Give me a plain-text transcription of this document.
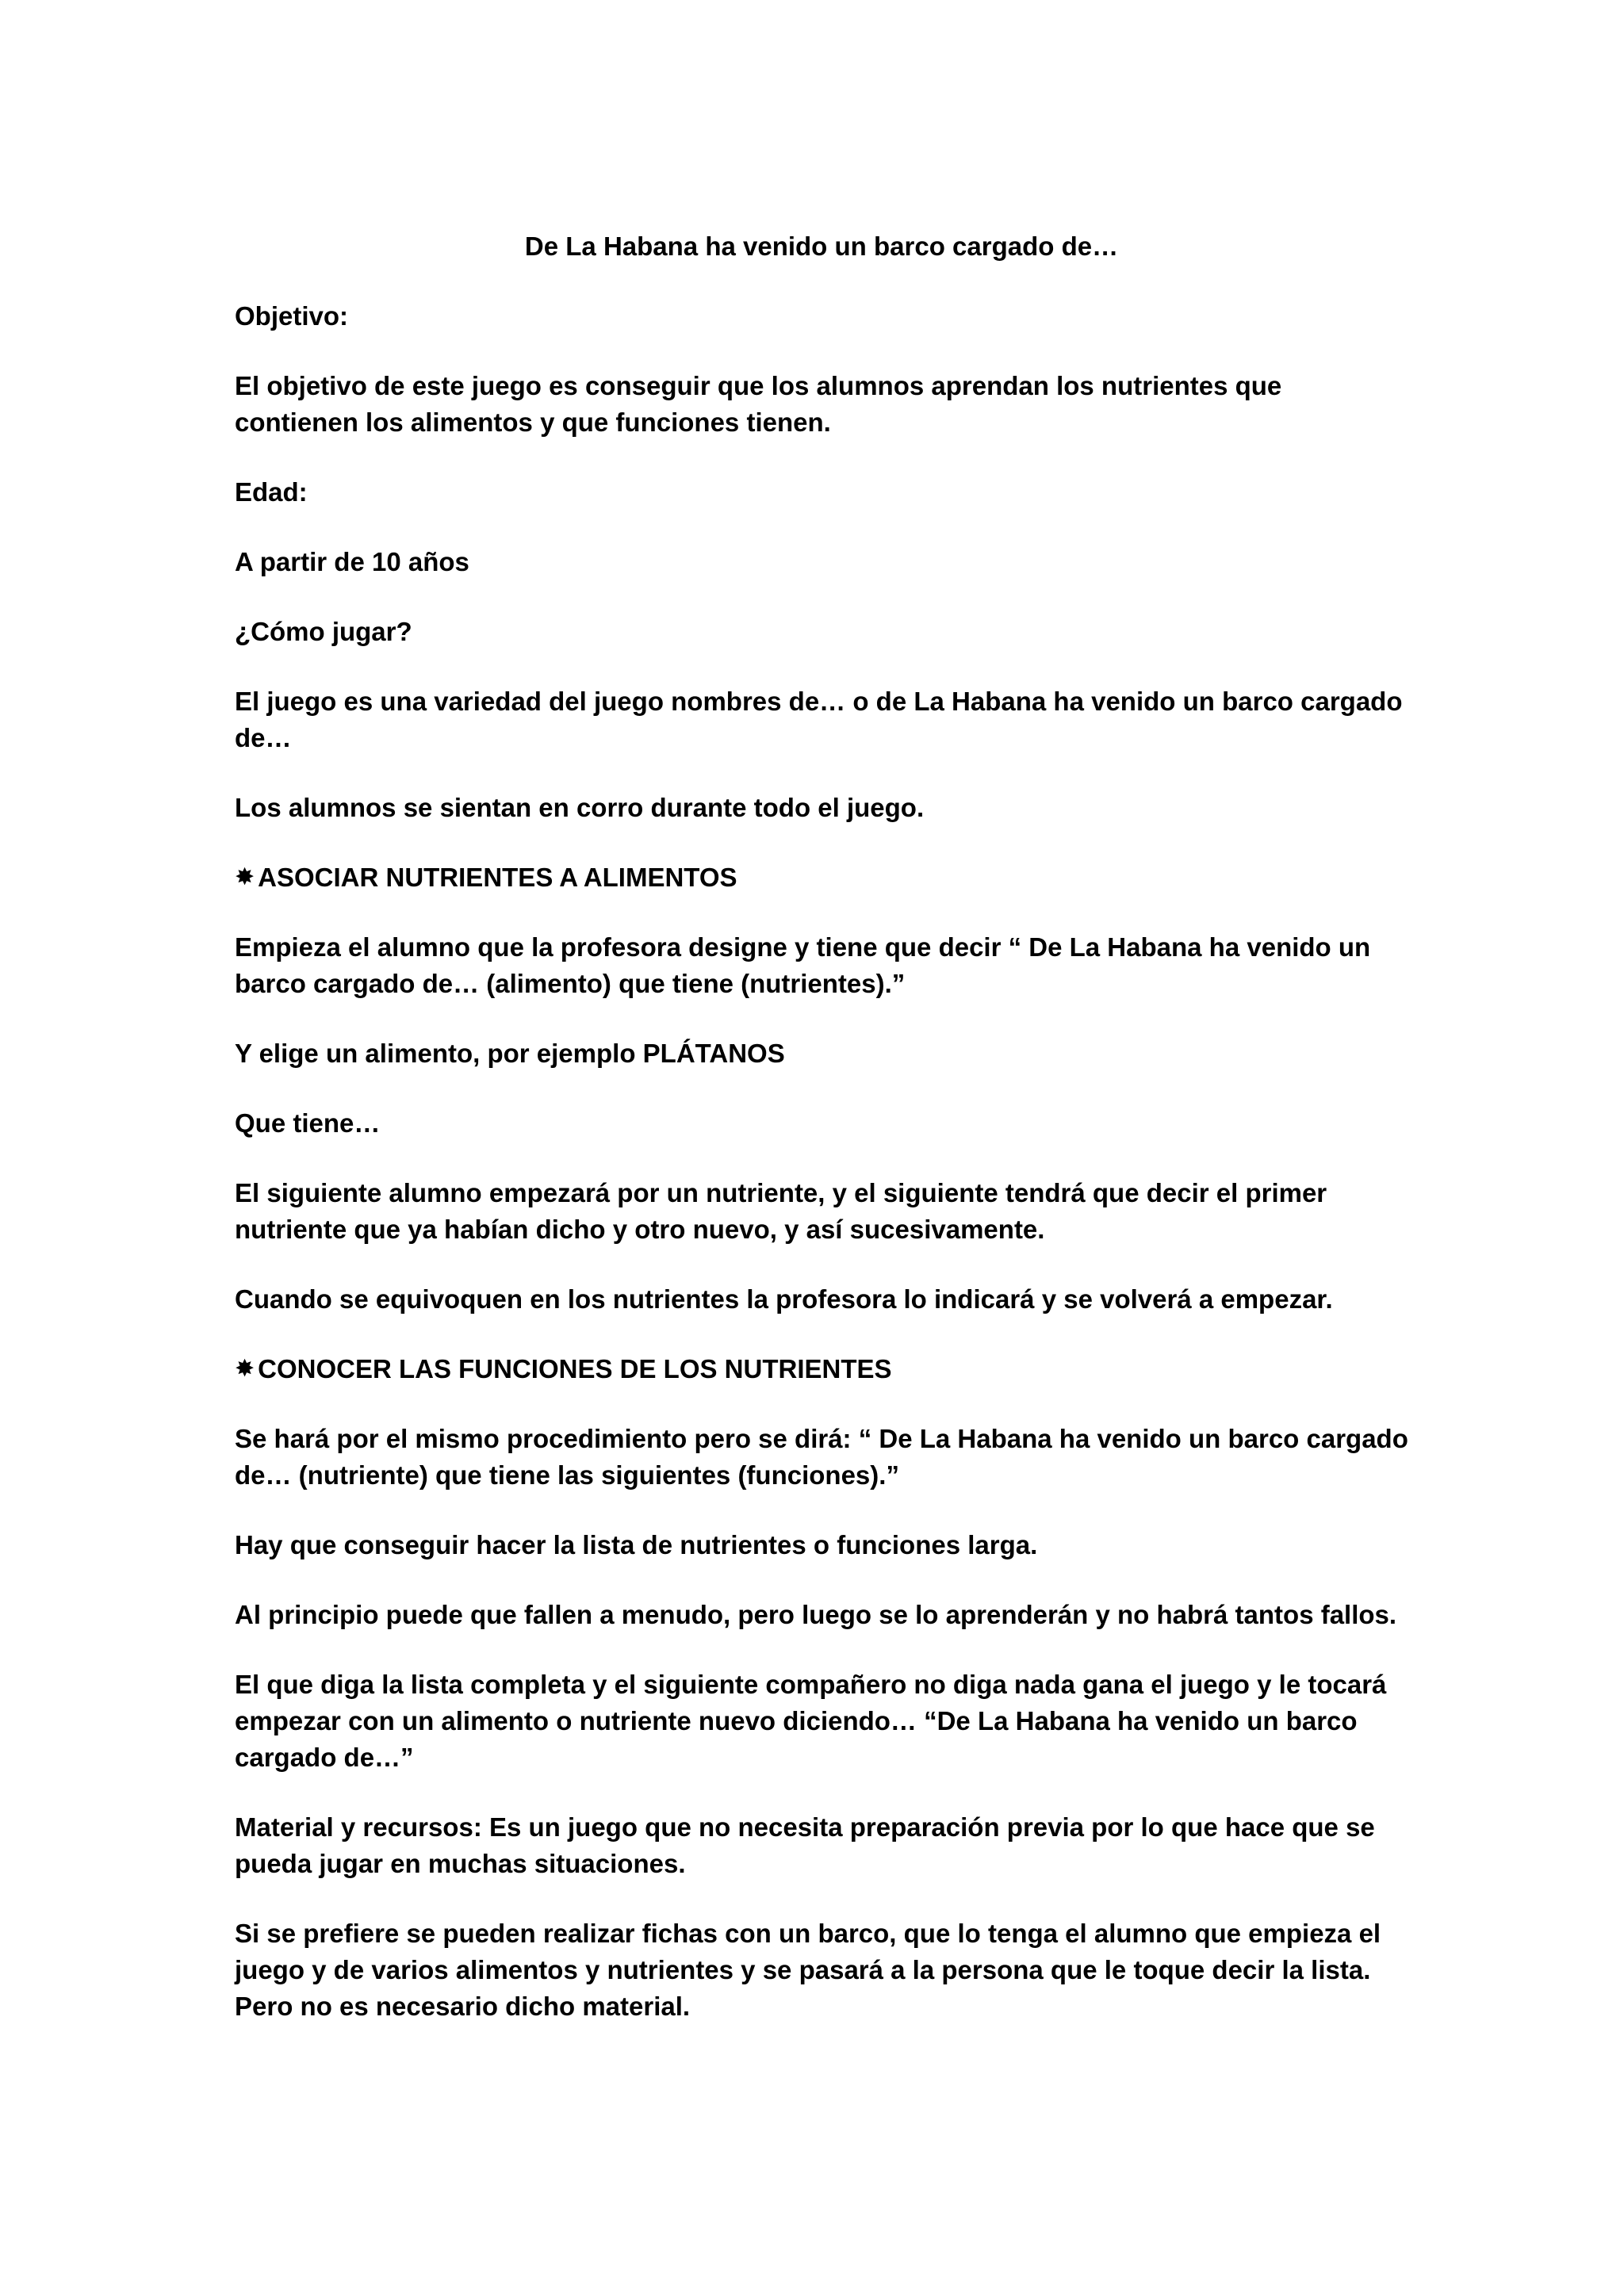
De La Habana ha venido un barco cargado de…

Objetivo:

El objetivo de este juego es conseguir que los alumnos aprendan los nutrientes que contienen los alimentos y que funciones tienen.

Edad:

A partir de 10 años

¿Cómo jugar?

El juego es una variedad del juego nombres de… o de La Habana ha venido un barco cargado de…

Los alumnos se sientan en corro durante todo el juego.

✸ ASOCIAR NUTRIENTES A ALIMENTOS

Empieza el alumno que la profesora designe y tiene que decir “ De La Habana ha venido un barco cargado de… (alimento) que tiene (nutrientes).”

Y elige un alimento, por ejemplo PLÁTANOS

Que tiene…

El siguiente alumno empezará por un nutriente, y el siguiente tendrá que decir el primer nutriente que ya habían dicho y otro nuevo, y así sucesivamente.

Cuando se equivoquen en los nutrientes la profesora lo indicará y se volverá a empezar.

✸ CONOCER LAS FUNCIONES DE LOS NUTRIENTES

Se hará por el mismo procedimiento pero se dirá: “ De La Habana ha venido un barco cargado de… (nutriente) que tiene las siguientes (funciones).”

Hay que conseguir hacer la lista de nutrientes o funciones larga.

Al principio puede que fallen a menudo, pero luego se lo aprenderán y no habrá tantos fallos.

El que diga la lista completa y el siguiente compañero no diga nada gana el juego y le tocará empezar con un alimento o nutriente nuevo diciendo… “De La Habana ha venido un barco cargado de…”

Material y recursos: Es un juego que no necesita preparación previa por lo que hace que se pueda jugar en muchas situaciones.

Si se prefiere se pueden realizar fichas con un barco, que lo tenga el alumno que empieza el juego y de varios alimentos y nutrientes y se pasará a la persona que le toque decir la lista. Pero no es necesario dicho material.
